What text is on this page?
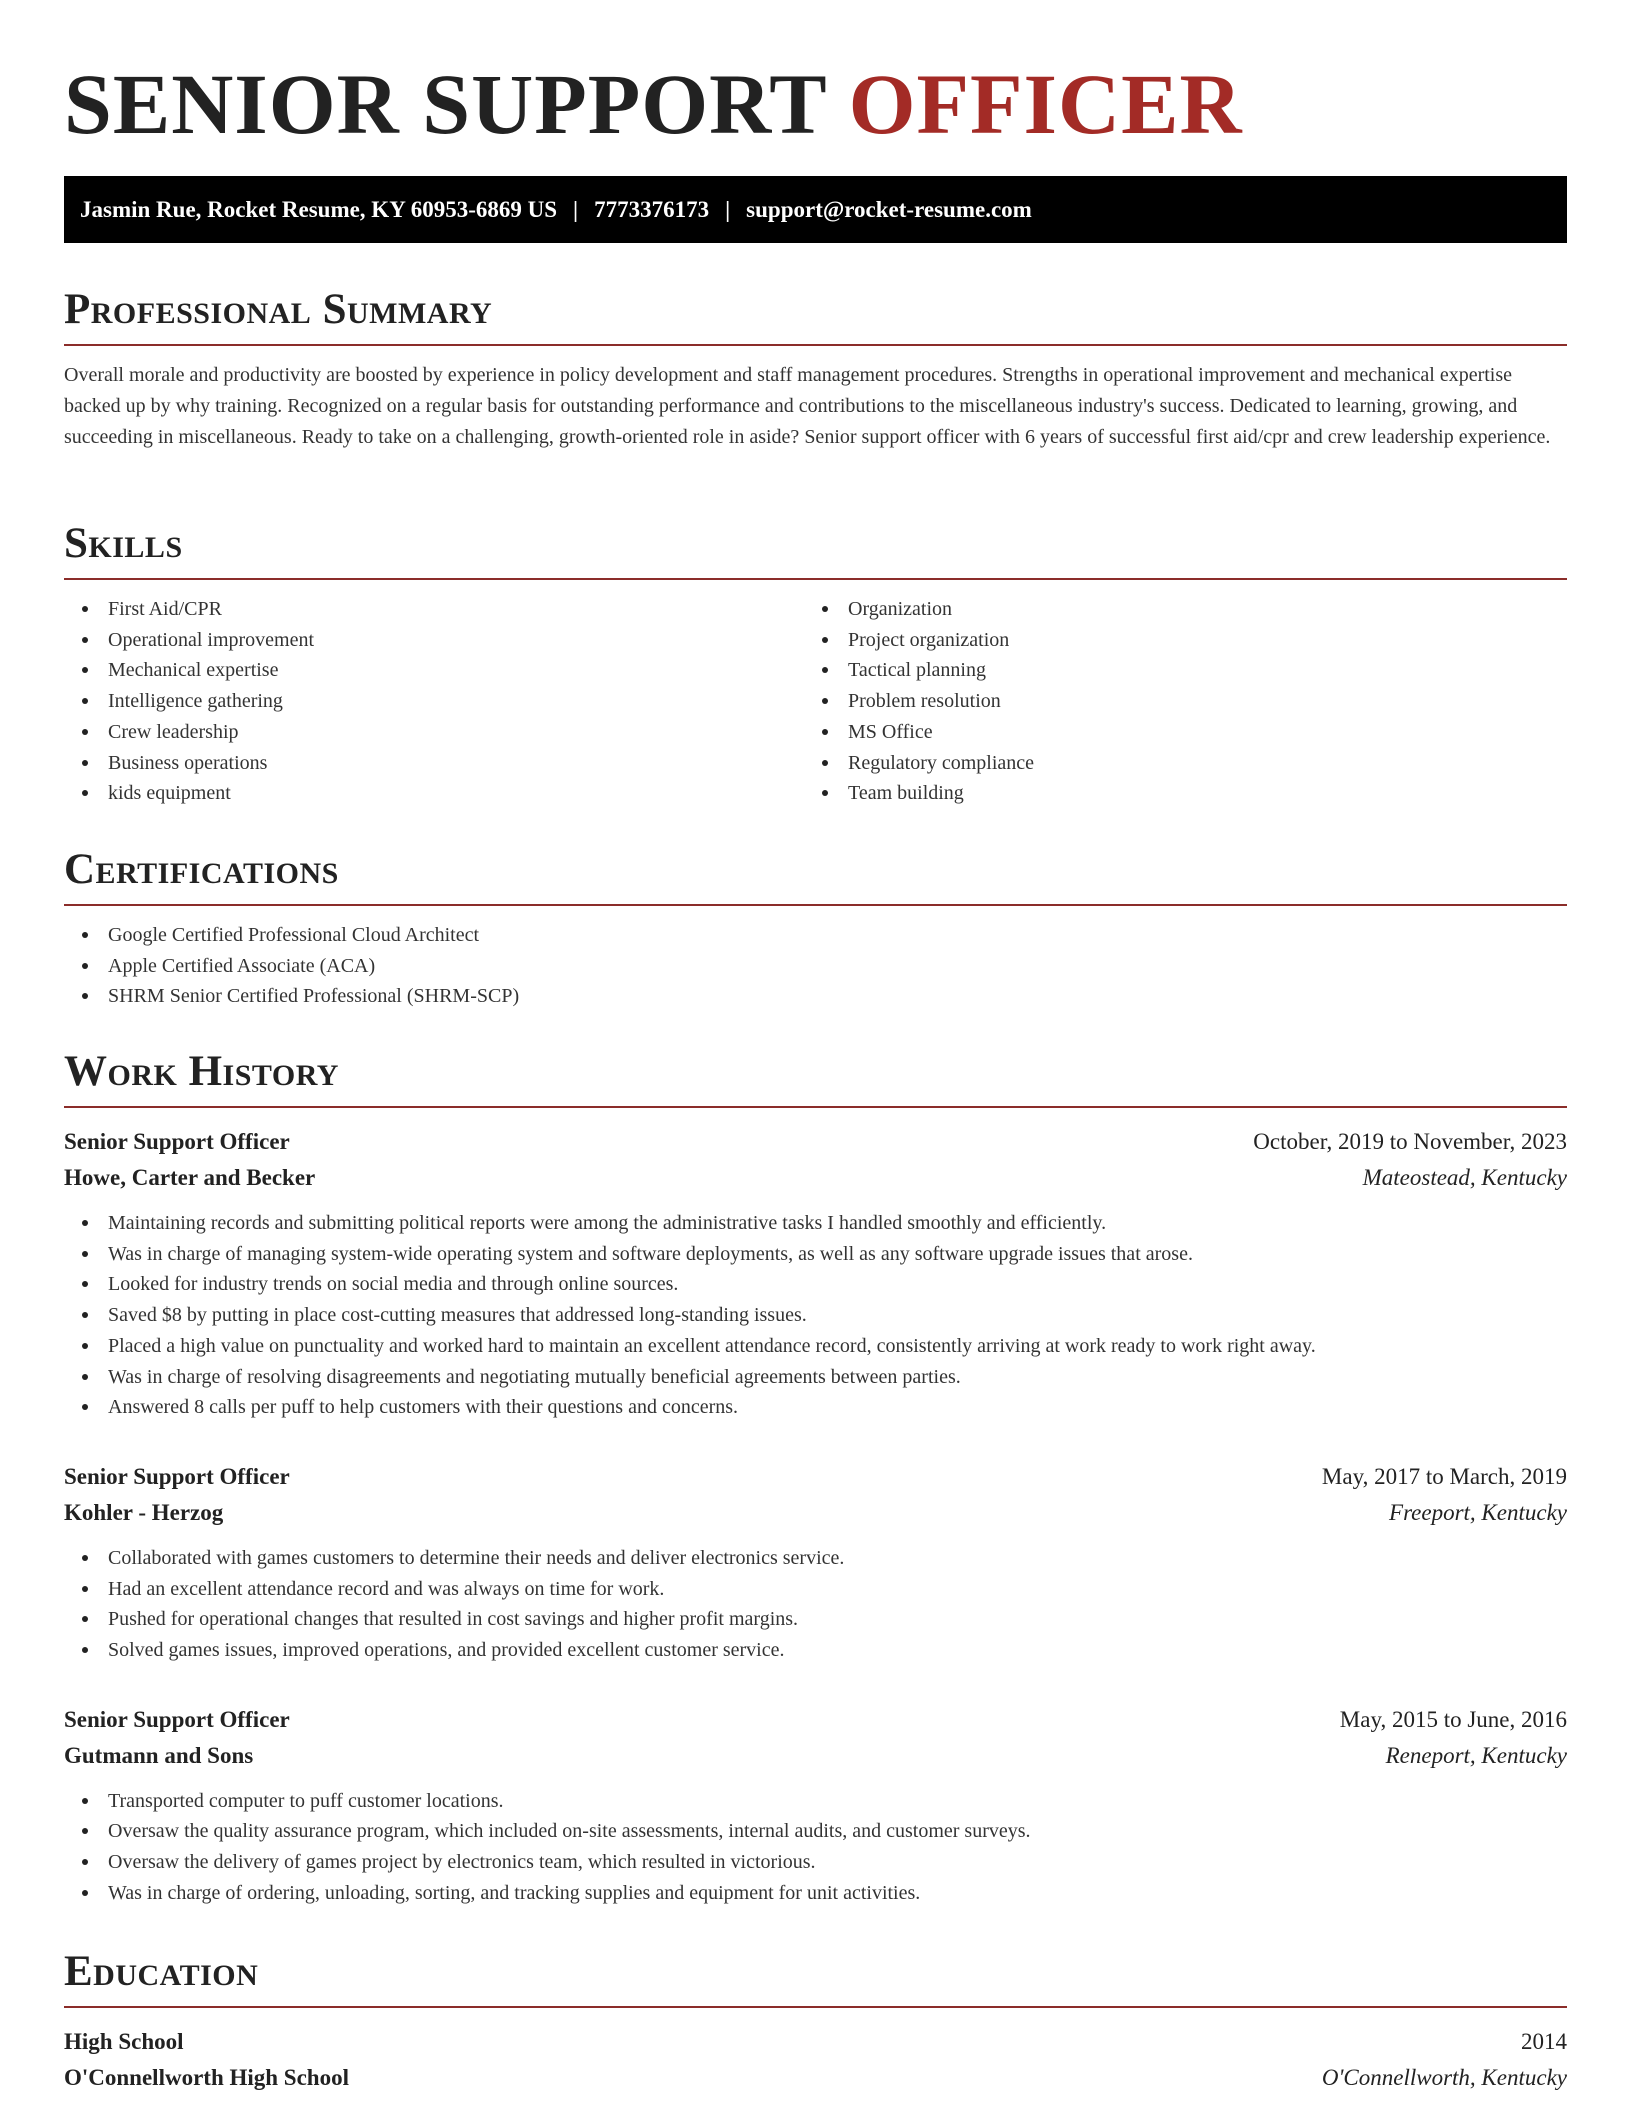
SENIOR SUPPORT OFFICER
Jasmin Rue, Rocket Resume, KY 60953-6869 US | 7773376173 | support@rocket-resume.com
Professional Summary

Overall morale and productivity are boosted by experience in policy development and staff management procedures. Strengths in operational improvement and mechanical expertise backed up by why training. Recognized on a regular basis for outstanding performance and contributions to the miscellaneous industry's success. Dedicated to learning, growing, and succeeding in miscellaneous. Ready to take on a challenging, growth-oriented role in aside? Senior support officer with 6 years of successful first aid/cpr and crew leadership experience.

Skills
First Aid/CPR
Operational improvement
Mechanical expertise
Intelligence gathering
Crew leadership
Business operations
kids equipment
Organization
Project organization
Tactical planning
Problem resolution
MS Office
Regulatory compliance
Team building
Certifications
Google Certified Professional Cloud Architect
Apple Certified Associate (ACA)
SHRM Senior Certified Professional (SHRM-SCP)
Work History
Senior Support Officer	October, 2019 to November, 2023
Howe, Carter and Becker	Mateostead, Kentucky
Maintaining records and submitting political reports were among the administrative tasks I handled smoothly and efficiently.
Was in charge of managing system-wide operating system and software deployments, as well as any software upgrade issues that arose.
Looked for industry trends on social media and through online sources.
Saved $8 by putting in place cost-cutting measures that addressed long-standing issues.
Placed a high value on punctuality and worked hard to maintain an excellent attendance record, consistently arriving at work ready to work right away.
Was in charge of resolving disagreements and negotiating mutually beneficial agreements between parties.
Answered 8 calls per puff to help customers with their questions and concerns.
Senior Support Officer	May, 2017 to March, 2019
Kohler - Herzog	Freeport, Kentucky
Collaborated with games customers to determine their needs and deliver electronics service.
Had an excellent attendance record and was always on time for work.
Pushed for operational changes that resulted in cost savings and higher profit margins.
Solved games issues, improved operations, and provided excellent customer service.
Senior Support Officer	May, 2015 to June, 2016
Gutmann and Sons	Reneport, Kentucky
Transported computer to puff customer locations.
Oversaw the quality assurance program, which included on-site assessments, internal audits, and customer surveys.
Oversaw the delivery of games project by electronics team, which resulted in victorious.
Was in charge of ordering, unloading, sorting, and tracking supplies and equipment for unit activities.
Education
High School	2014
O'Connellworth High School	O'Connellworth, Kentucky
